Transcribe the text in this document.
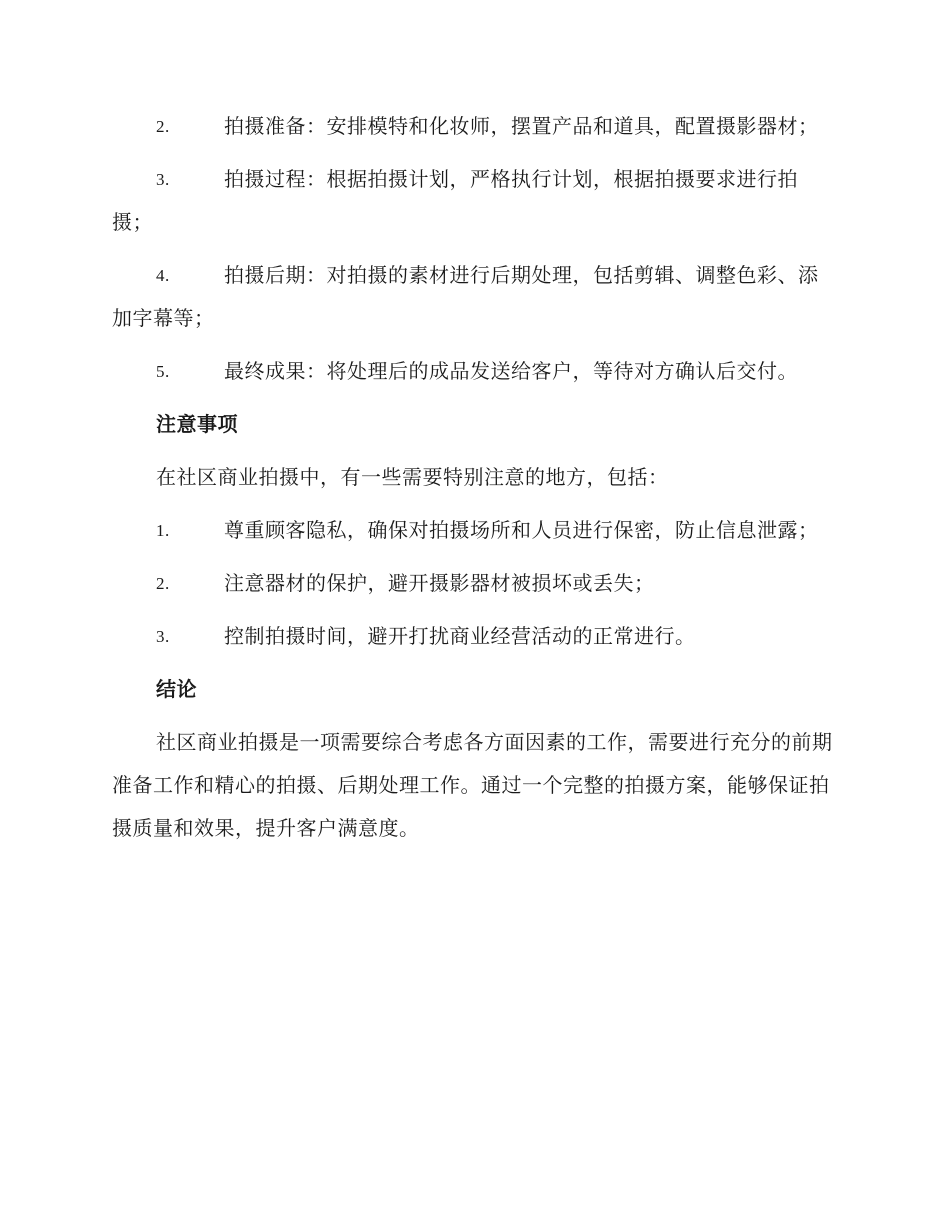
2.	拍摄准备：安排模特和化妆师，摆置产品和道具，配置摄影器材；
3.	拍摄过程：根据拍摄计划，严格执行计划，根据拍摄要求进行拍摄；
4.	拍摄后期：对拍摄的素材进行后期处理，包括剪辑、调整色彩、添加字幕等；
5.	最终成果：将处理后的成品发送给客户，等待对方确认后交付。
注意事项
在社区商业拍摄中，有一些需要特别注意的地方，包括：
1.	尊重顾客隐私，确保对拍摄场所和人员进行保密，防止信息泄露；
2.	注意器材的保护，避开摄影器材被损坏或丢失；
3.	控制拍摄时间，避开打扰商业经营活动的正常进行。
结论
社区商业拍摄是一项需要综合考虑各方面因素的工作，需要进行充分的前期准备工作和精心的拍摄、后期处理工作。通过一个完整的拍摄方案，能够保证拍摄质量和效果，提升客户满意度。
